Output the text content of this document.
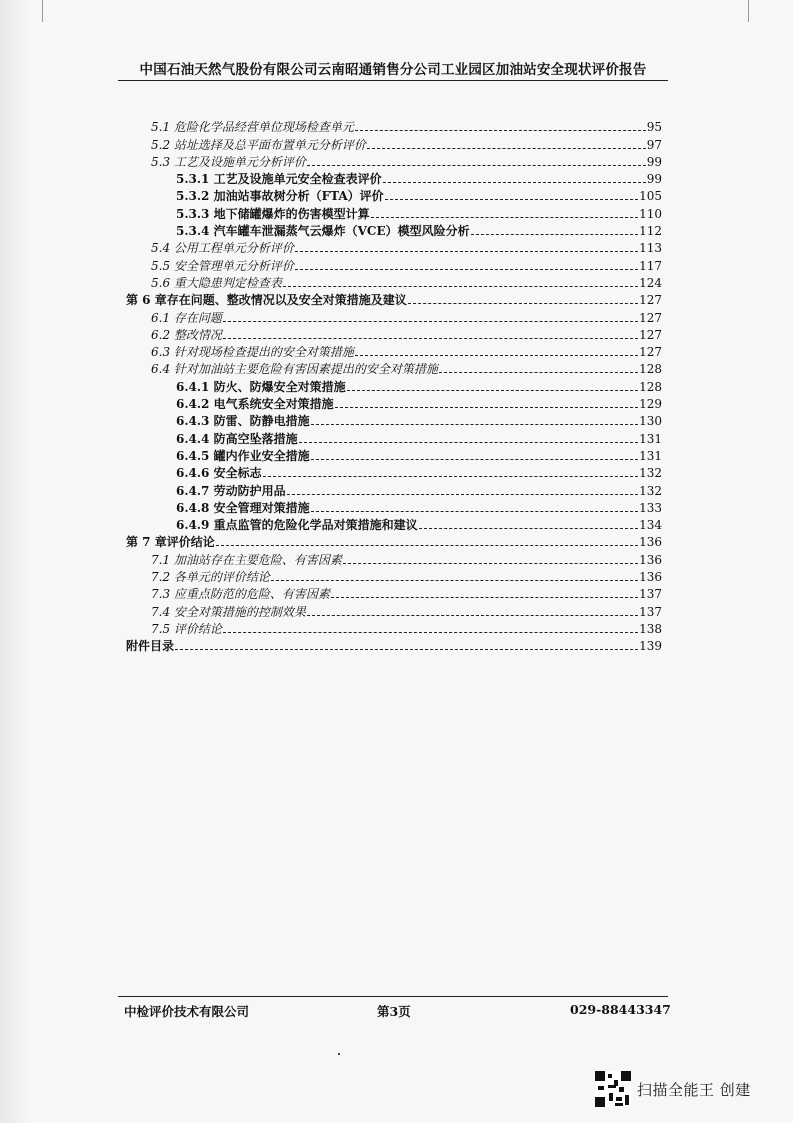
中国石油天然气股份有限公司云南昭通销售分公司工业园区加油站安全现状评价报告
5.1 危险化学品经营单位现场检查单元	95
5.2 站址选择及总平面布置单元分析评价	97
5.3 工艺及设施单元分析评价	99
5.3.1 工艺及设施单元安全检查表评价	99
5.3.2 加油站事故树分析（FTA）评价	105
5.3.3 地下储罐爆炸的伤害模型计算	110
5.3.4 汽车罐车泄漏蒸气云爆炸（VCE）模型风险分析	112
5.4 公用工程单元分析评价	113
5.5 安全管理单元分析评价	117
5.6 重大隐患判定检查表	124
第 6 章存在问题、整改情况以及安全对策措施及建议	127
6.1 存在问题	127
6.2 整改情况	127
6.3 针对现场检查提出的安全对策措施	127
6.4 针对加油站主要危险有害因素提出的安全对策措施	128
6.4.1 防火、防爆安全对策措施	128
6.4.2 电气系统安全对策措施	129
6.4.3 防雷、防静电措施	130
6.4.4 防高空坠落措施	131
6.4.5 罐内作业安全措施	131
6.4.6 安全标志	132
6.4.7 劳动防护用品	132
6.4.8 安全管理对策措施	133
6.4.9 重点监管的危险化学品对策措施和建议	134
第 7 章评价结论	136
7.1 加油站存在主要危险、有害因素	136
7.2 各单元的评价结论	136
7.3 应重点防范的危险、有害因素	137
7.4 安全对策措施的控制效果	137
7.5 评价结论	138
附件目录	139
中检评价技术有限公司	第3页	029-88443347
扫描全能王 创建
